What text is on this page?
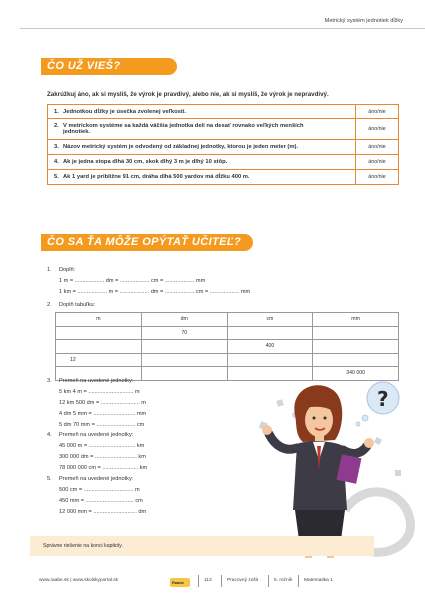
Metrický systém jednotiek dĺžky
ČO UŽ VIEŠ?
Zakrúžkuj áno, ak si myslíš, že výrok je pravdivý, alebo nie, ak si myslíš, že výrok je nepravdivý.
1. Jednotkou dĺžky je úsečka zvolenej veľkosti.	áno/nie
2. V metrickom systéme sa každá väčšia jednotka delí na desať rovnako veľkých menších
jednotiek.	áno/nie
3. Názov metrický systém je odvodený od základnej jednotky, ktorou je jeden meter (m).	áno/nie
4. Ak je jedna stopa dlhá 30 cm, skok dlhý 3 m je dlhý 10 stôp.	áno/nie
5. Ak 1 yard je približne 91 cm, dráha dlhá 500 yardov má dĺžku 400 m.	áno/nie
ČO SA ŤA MÔŽE OPÝTAŤ UČITEĽ?
1. Doplň:
1 m = ................... dm = ................... cm = ................... mm
1 km = ................... m = ................... dm = ................... cm = ................... mm
2. Doplň tabuľku:
m	dm	cm	mm
	70		
		400	
12			
			340 000
3. Premeň na uvedené jednotky:
5 km 4 m = ............................. m
12 km 500 dm = ......................... m
4 dm 5 mm = ........................... mm
5 dm 70 mm = ......................... cm
4. Premeň na uvedené jednotky:
45 000 m = .............................. km
300 000 dm = ........................... km
78 000 000 cm = ....................... km
5. Premeň na uvedené jednotky:
500 cm = ................................ m
450 mm = ............................... cm
12 000 mm = ............................ dm
?
Správne riešenie na konci kapitoly.
www.raabe.sk | www.skolskyportal.sk	Raabe	113	Pracovný zošit	5. ročník Matematika 1
